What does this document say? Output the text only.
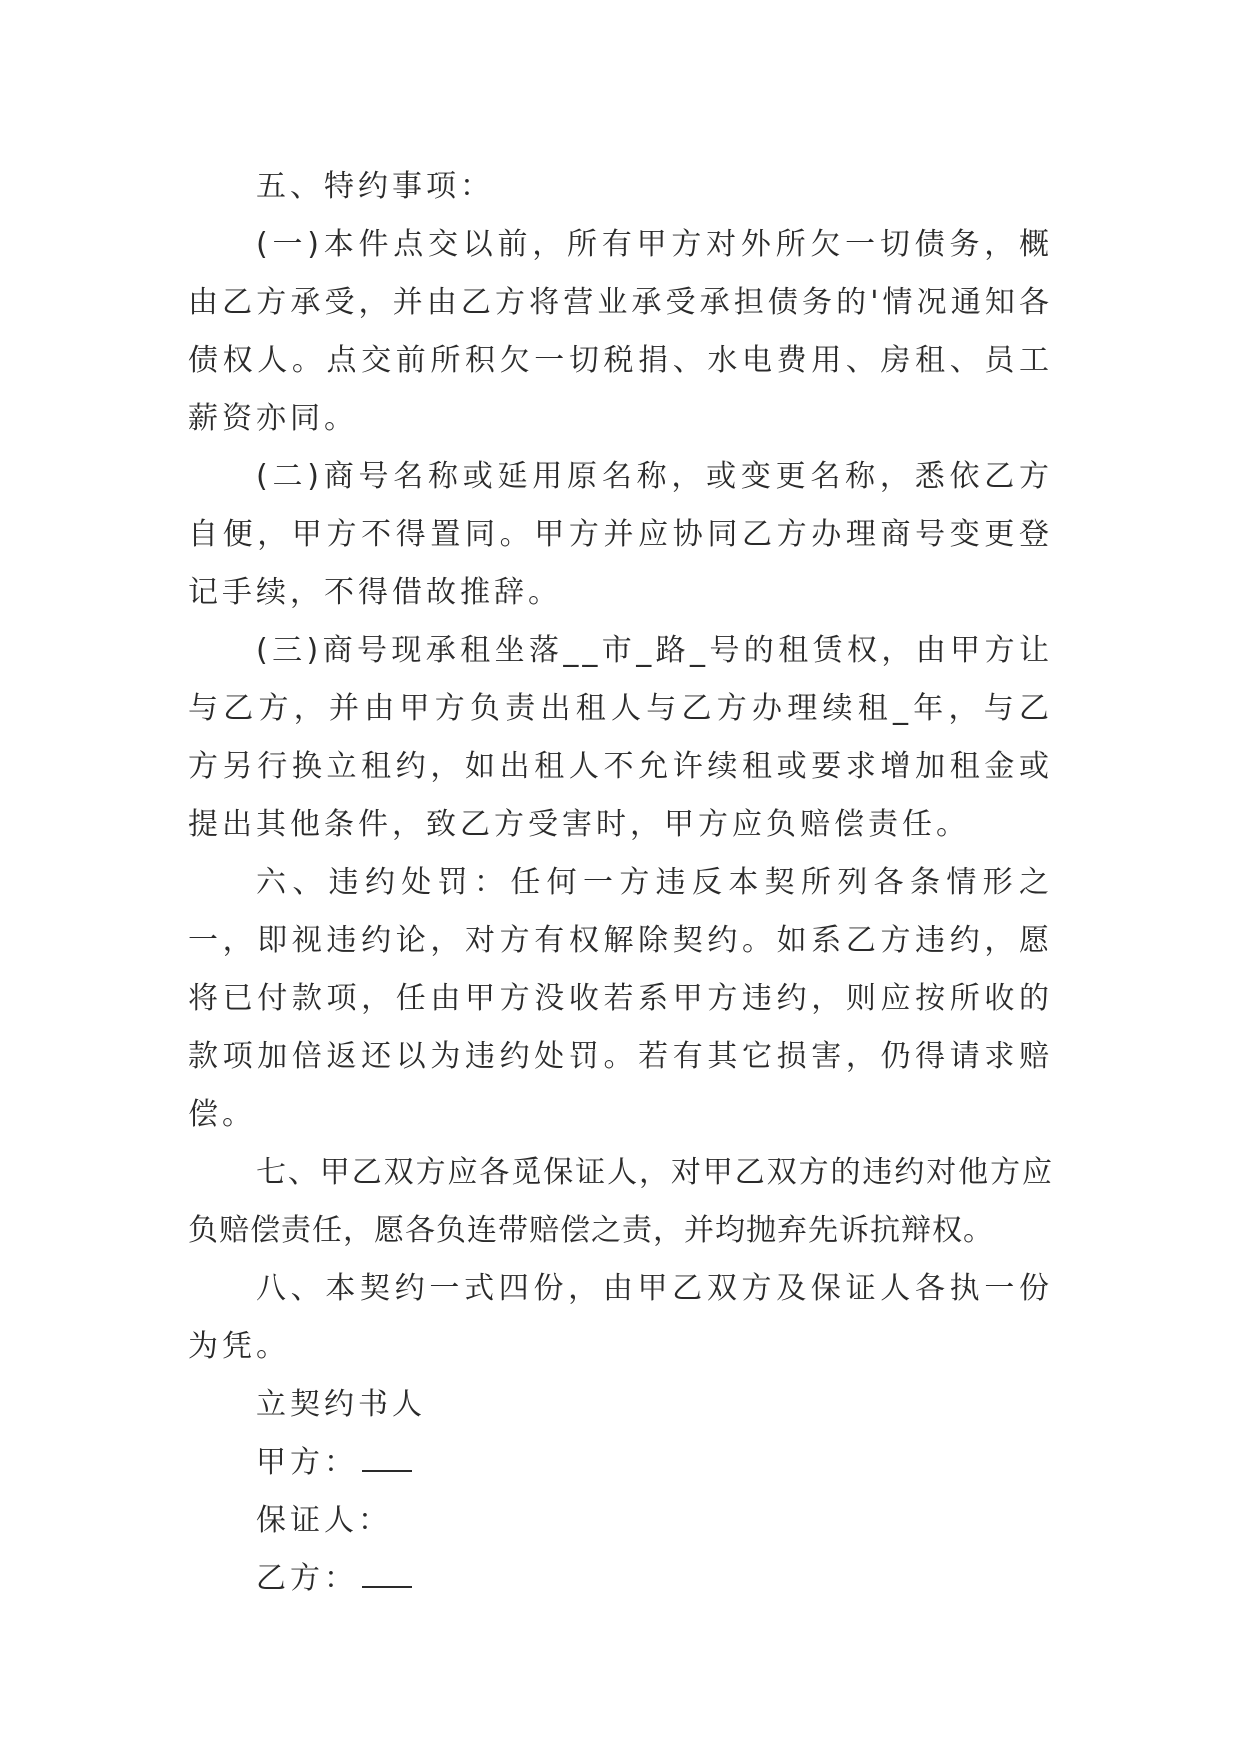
五、特约事项：

(一)本件点交以前，所有甲方对外所欠一切债务，概由乙方承受，并由乙方将营业承受承担债务的'情况通知各债权人。点交前所积欠一切税捐、水电费用、房租、员工薪资亦同。

(二)商号名称或延用原名称，或变更名称，悉依乙方自便，甲方不得置同。甲方并应协同乙方办理商号变更登记手续，不得借故推辞。

(三)商号现承租坐落__市_路_号的租赁权，由甲方让与乙方，并由甲方负责出租人与乙方办理续租_年，与乙方另行换立租约，如出租人不允许续租或要求增加租金或提出其他条件，致乙方受害时，甲方应负赔偿责任。

六、违约处罚：任何一方违反本契所列各条情形之一，即视违约论，对方有权解除契约。如系乙方违约，愿将已付款项，任由甲方没收若系甲方违约，则应按所收的款项加倍返还以为违约处罚。若有其它损害，仍得请求赔偿。

七、甲乙双方应各觅保证人，对甲乙双方的违约对他方应负赔偿责任，愿各负连带赔偿之责，并均抛弃先诉抗辩权。

八、本契约一式四份，由甲乙双方及保证人各执一份为凭。

立契约书人

甲方：

保证人：

乙方：
